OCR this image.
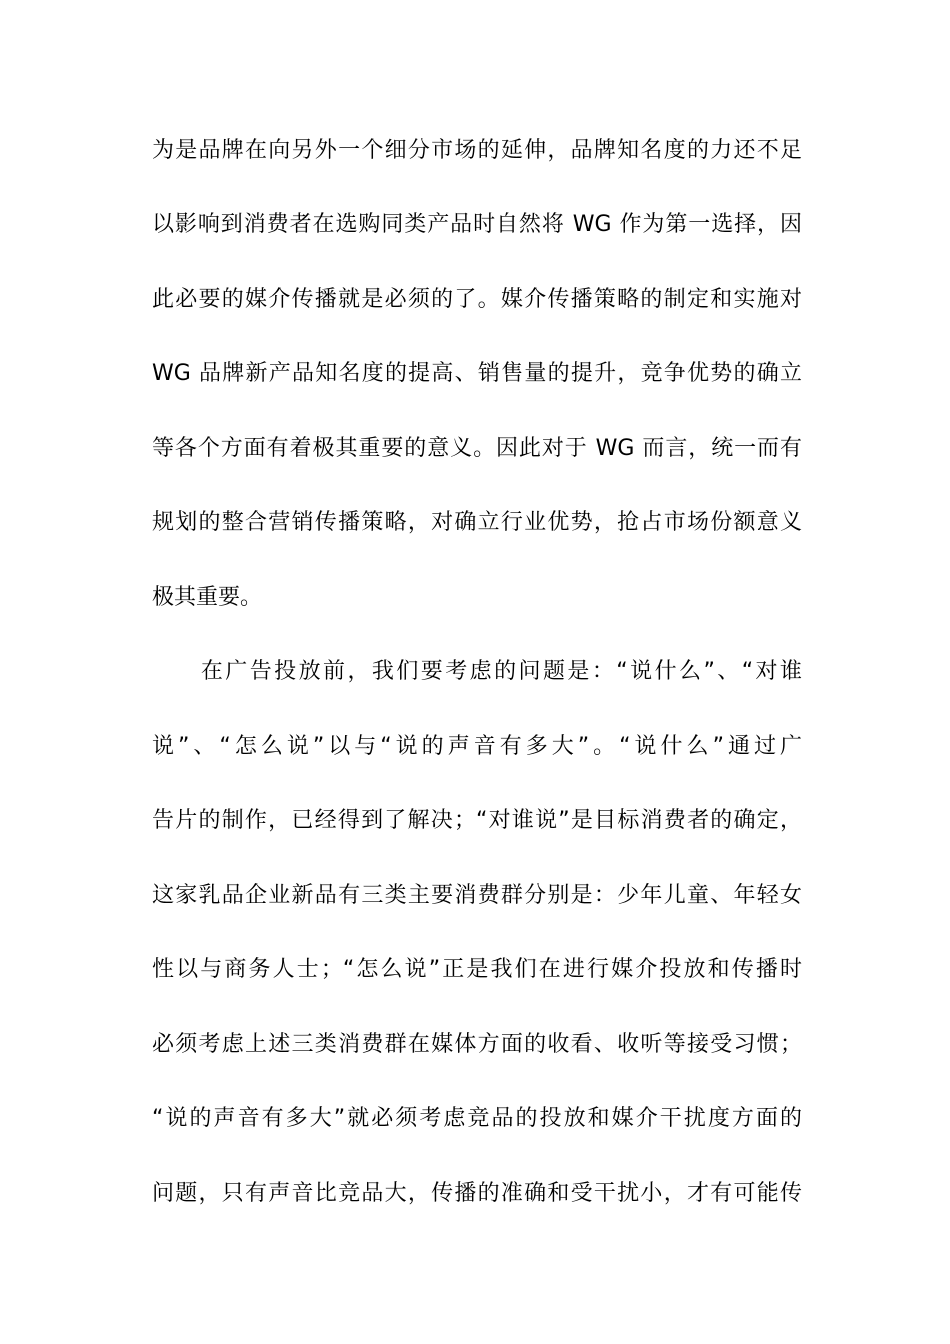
为是品牌在向另外一个细分市场的延伸，品牌知名度的力还不足
以影响到消费者在选购同类产品时自然将 WG 作为第一选择，因
此必要的媒介传播就是必须的了。媒介传播策略的制定和实施对
WG 品牌新产品知名度的提高、销售量的提升，竞争优势的确立
等各个方面有着极其重要的意义。因此对于 WG 而言，统一而有
规划的整合营销传播策略，对确立行业优势，抢占市场份额意义
极其重要。
　　在广告投放前，我们要考虑的问题是：“说什么”、“对谁
说”、“怎么说”以与“说的声音有多大”。“说什么”通过广
告片的制作，已经得到了解决；“对谁说”是目标消费者的确定，
这家乳品企业新品有三类主要消费群分别是：少年儿童、年轻女
性以与商务人士；“怎么说”正是我们在进行媒介投放和传播时
必须考虑上述三类消费群在媒体方面的收看、收听等接受习惯；
“说的声音有多大”就必须考虑竞品的投放和媒介干扰度方面的
问题，只有声音比竞品大，传播的准确和受干扰小，才有可能传
